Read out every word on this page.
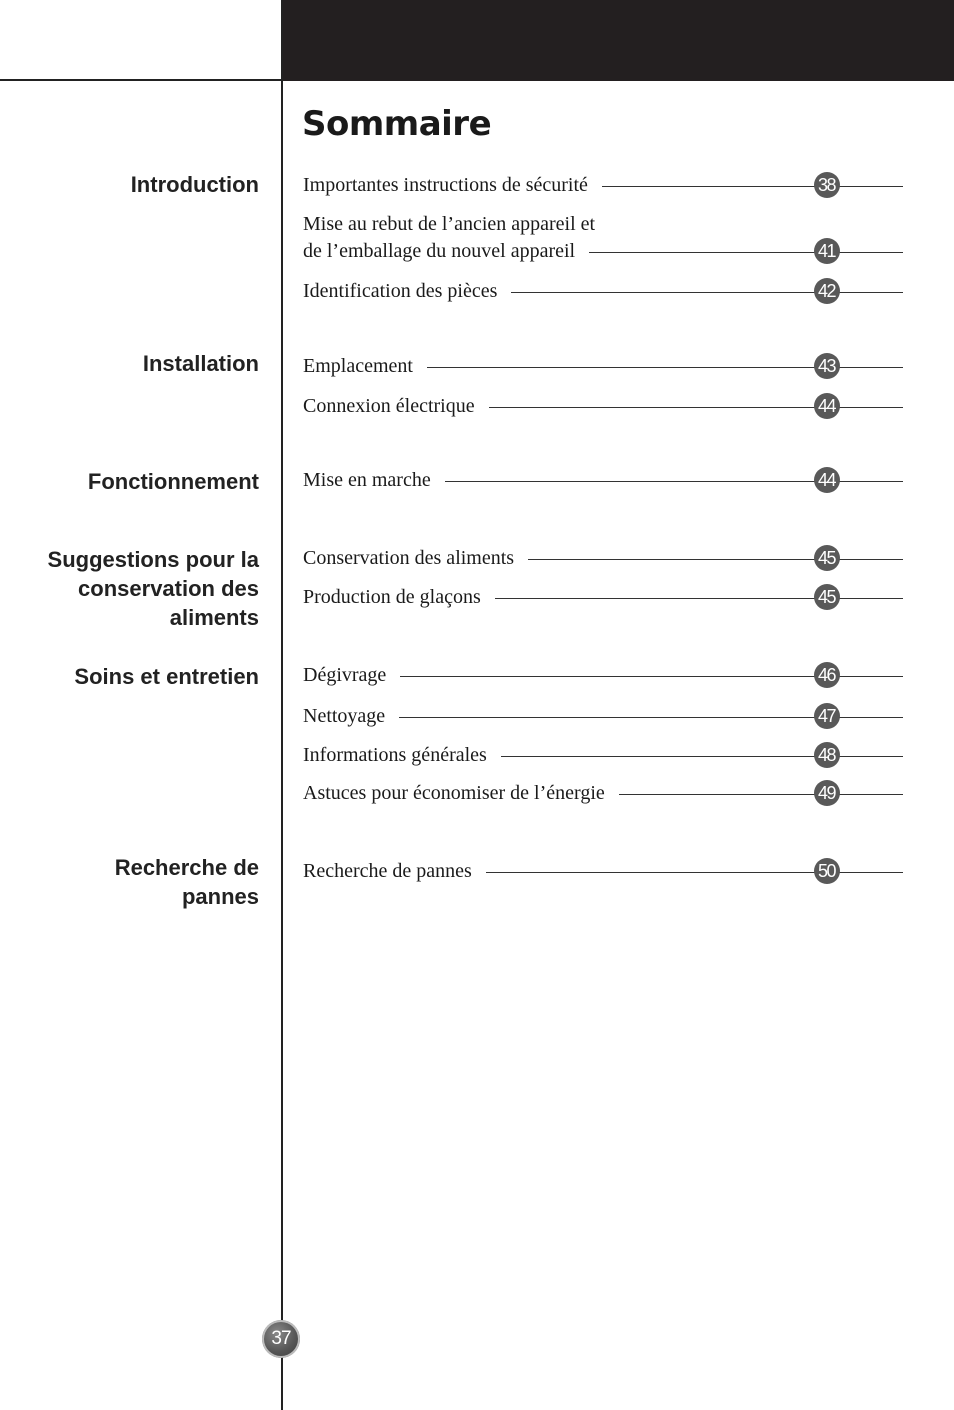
Sommaire
Introduction
Installation
Fonctionnement
Suggestions pour la conservation des aliments
Soins et entretien
Recherche de pannes
Importantes instructions de sécurité	38
Mise au rebut de l’ancien appareil et
de l’emballage du nouvel appareil	41
Identification des pièces	42
Emplacement	43
Connexion électrique	44
Mise en marche	44
Conservation des aliments	45
Production de glaçons	45
Dégivrage	46
Nettoyage	47
Informations générales	48
Astuces pour économiser de l’énergie	49
Recherche de pannes	50
37
